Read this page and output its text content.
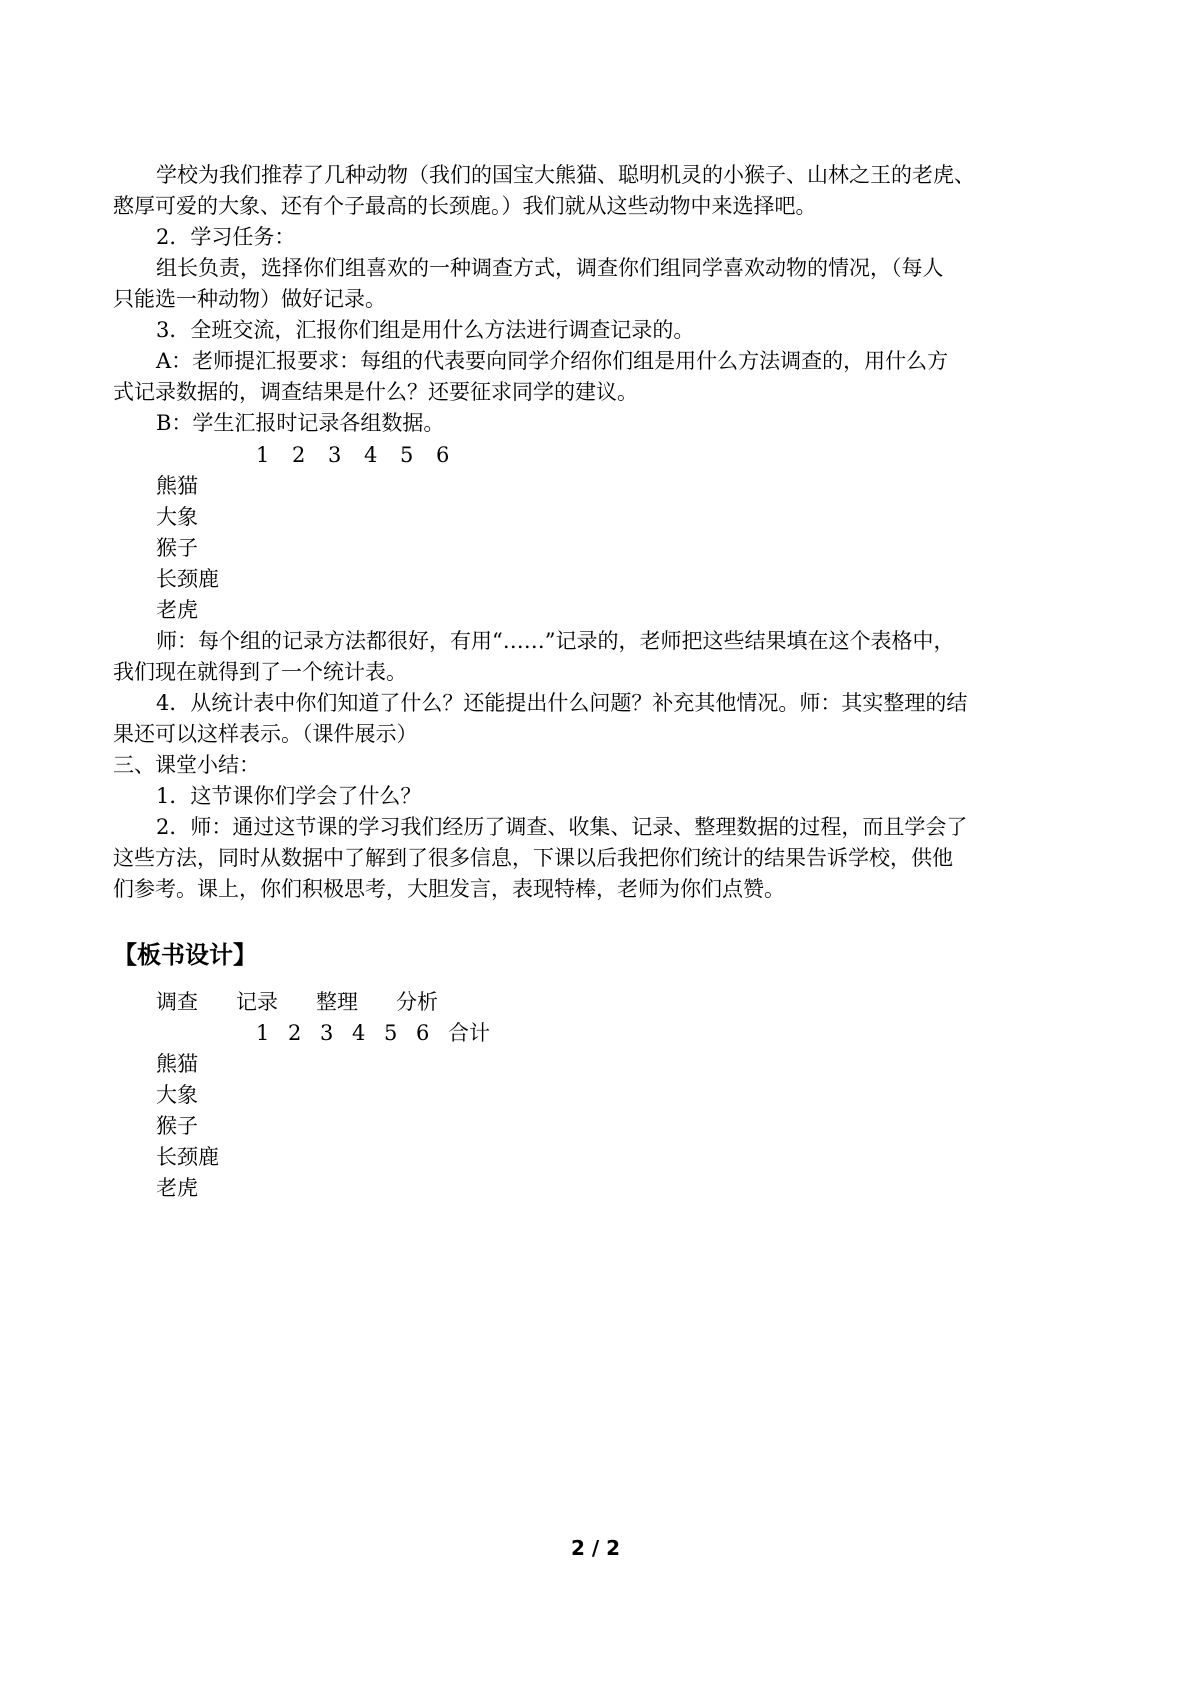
学校为我们推荐了几种动物（我们的国宝大熊猫、聪明机灵的小猴子、山林之王的老虎、
憨厚可爱的大象、还有个子最高的长颈鹿。）我们就从这些动物中来选择吧。
2．学习任务：
组长负责，选择你们组喜欢的一种调查方式，调查你们组同学喜欢动物的情况，（每人
只能选一种动物）做好记录。
3．全班交流，汇报你们组是用什么方法进行调查记录的。
A：老师提汇报要求：每组的代表要向同学介绍你们组是用什么方法调查的，用什么方
式记录数据的，调查结果是什么？还要征求同学的建议。
B：学生汇报时记录各组数据。
1 2 3 4 5 6
熊猫
大象
猴子
长颈鹿
老虎
师：每个组的记录方法都很好，有用“……”记录的，老师把这些结果填在这个表格中，
我们现在就得到了一个统计表。
4．从统计表中你们知道了什么？还能提出什么问题？补充其他情况。师：其实整理的结
果还可以这样表示。（课件展示）
三、课堂小结：
1．这节课你们学会了什么？
2．师：通过这节课的学习我们经历了调查、收集、记录、整理数据的过程，而且学会了
这些方法，同时从数据中了解到了很多信息，下课以后我把你们统计的结果告诉学校，供他
们参考。课上，你们积极思考，大胆发言，表现特棒，老师为你们点赞。
【板书设计】
调查 记录 整理 分析
1 2 3 4 5 6 合计
熊猫
大象
猴子
长颈鹿
老虎
2 / 2
